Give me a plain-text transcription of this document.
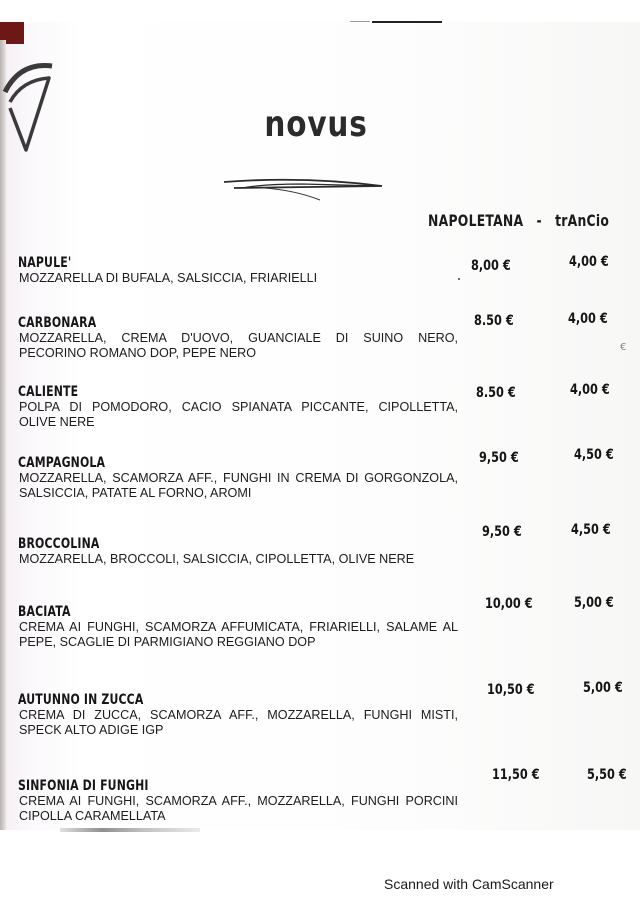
novus
NAPOLETANA - trAnCio
€
NAPULE'
MOZZARELLA DI BUFALA, SALSICCIA, FRIARIELLI
8,00 €	4,00 €
CARBONARA
MOZZARELLA, CREMA D'UOVO, GUANCIALE DI SUINO NERO, PECORINO ROMANO DOP, PEPE NERO
8.50 €	4,00 €
CALIENTE
POLPA DI POMODORO, CACIO SPIANATA PICCANTE, CIPOLLETTA, OLIVE NERE
8.50 €	4,00 €
CAMPAGNOLA
MOZZARELLA, SCAMORZA AFF., FUNGHI IN CREMA DI GORGONZOLA, SALSICCIA, PATATE AL FORNO, AROMI
9,50 €	4,50 €
BROCCOLINA
MOZZARELLA, BROCCOLI, SALSICCIA, CIPOLLETTA, OLIVE NERE
9,50 €	4,50 €
BACIATA
CREMA AI FUNGHI, SCAMORZA AFFUMICATA, FRIARIELLI, SALAME AL PEPE, SCAGLIE DI PARMIGIANO REGGIANO DOP
10,00 €	5,00 €
AUTUNNO IN ZUCCA
CREMA DI ZUCCA, SCAMORZA AFF., MOZZARELLA, FUNGHI MISTI, SPECK ALTO ADIGE IGP
10,50 €	5,00 €
SINFONIA DI FUNGHI
CREMA AI FUNGHI, SCAMORZA AFF., MOZZARELLA, FUNGHI PORCINI CIPOLLA CARAMELLATA
11,50 €	5,50 €
Scanned with CamScanner
